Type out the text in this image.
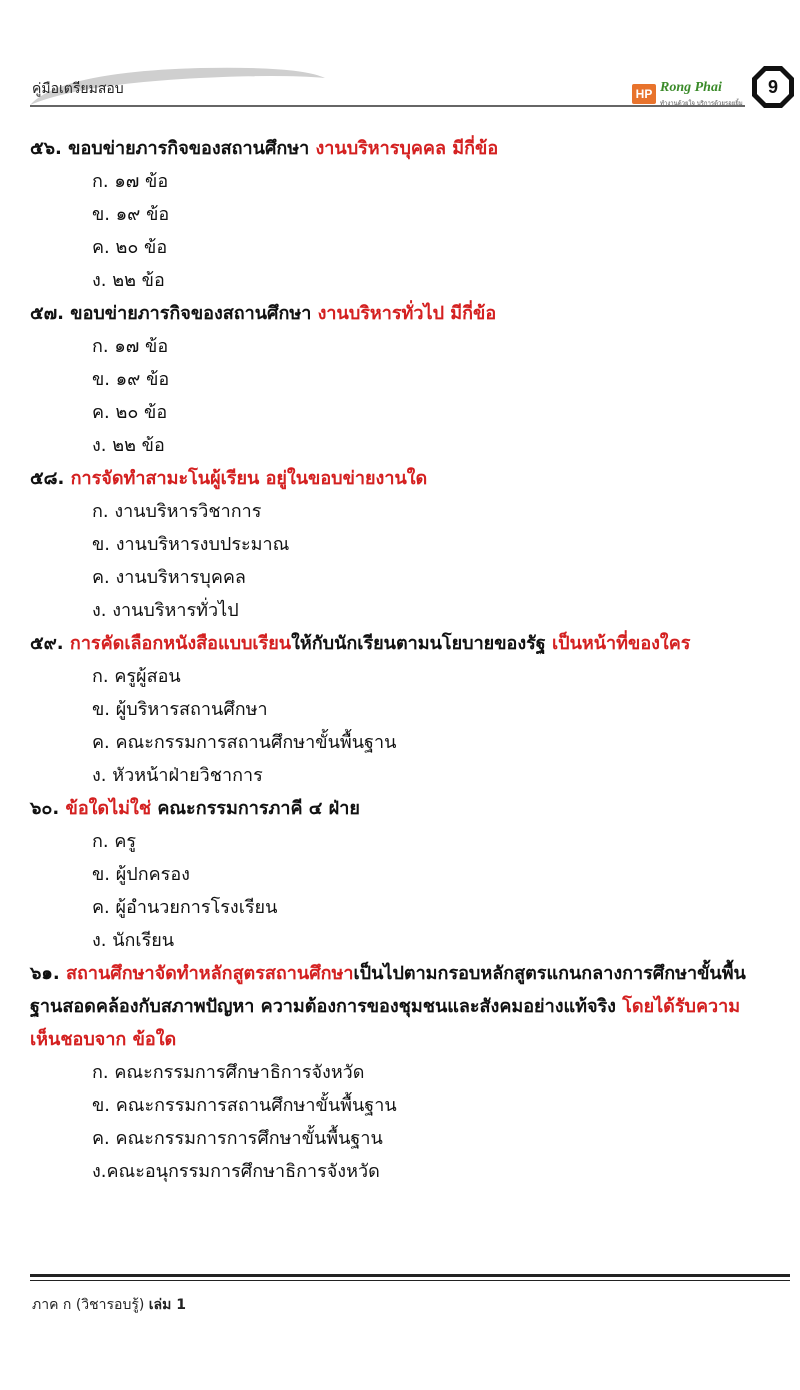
คู่มือเตรียมสอบ	HP Rong Phai
ทำงานด้วยใจ บริการด้วยรอยยิ้ม
9

๕๖. ขอบข่ายภารกิจของสถานศึกษา งานบริหารบุคคล มีกี่ข้อ

ก. ๑๗ ข้อ

ข. ๑๙ ข้อ

ค. ๒๐ ข้อ

ง. ๒๒ ข้อ

๕๗. ขอบข่ายภารกิจของสถานศึกษา งานบริหารทั่วไป มีกี่ข้อ

ก. ๑๗ ข้อ

ข. ๑๙ ข้อ

ค. ๒๐ ข้อ

ง. ๒๒ ข้อ

๕๘. การจัดทำสามะโนผู้เรียน อยู่ในขอบข่ายงานใด

ก. งานบริหารวิชาการ

ข. งานบริหารงบประมาณ

ค. งานบริหารบุคคล

ง. งานบริหารทั่วไป

๕๙. การคัดเลือกหนังสือแบบเรียนให้กับนักเรียนตามนโยบายของรัฐ เป็นหน้าที่ของใคร

ก. ครูผู้สอน

ข. ผู้บริหารสถานศึกษา

ค. คณะกรรมการสถานศึกษาขั้นพื้นฐาน

ง. หัวหน้าฝ่ายวิชาการ

๖๐. ข้อใดไม่ใช่ คณะกรรมการภาคี ๔ ฝ่าย

ก. ครู

ข. ผู้ปกครอง

ค. ผู้อำนวยการโรงเรียน

ง. นักเรียน

๖๑. สถานศึกษาจัดทำหลักสูตรสถานศึกษาเป็นไปตามกรอบหลักสูตรแกนกลางการศึกษาขั้นพื้นฐานสอดคล้องกับสภาพปัญหา ความต้องการของชุมชนและสังคมอย่างแท้จริง โดยได้รับความเห็นชอบจาก ข้อใด

ก. คณะกรรมการศึกษาธิการจังหวัด

ข. คณะกรรมการสถานศึกษาขั้นพื้นฐาน

ค. คณะกรรมการการศึกษาขั้นพื้นฐาน

ง.คณะอนุกรรมการศึกษาธิการจังหวัด

ภาค ก (วิชารอบรู้) เล่ม 1
